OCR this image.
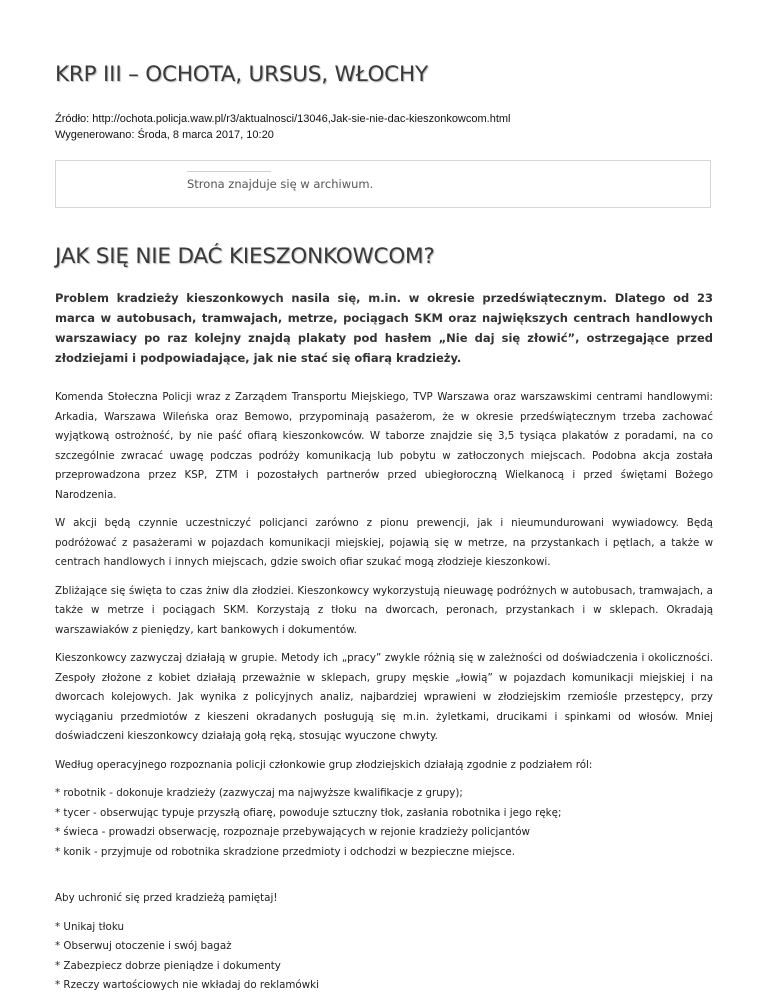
KRP III – OCHOTA, URSUS, WŁOCHY
Źródło: http://ochota.policja.waw.pl/r3/aktualnosci/13046,Jak-sie-nie-dac-kieszonkowcom.html
Wygenerowano: Środa, 8 marca 2017, 10:20
Strona znajduje się w archiwum.
JAK SIĘ NIE DAĆ KIESZONKOWCOM?

Problem kradzieży kieszonkowych nasila się, m.in. w okresie przedświątecznym. Dlatego od 23 marca w autobusach, tramwajach, metrze, pociągach SKM oraz największych centrach handlowych warszawiacy po raz kolejny znajdą plakaty pod hasłem „Nie daj się złowić”, ostrzegające przed złodziejami i podpowiadające, jak nie stać się ofiarą kradzieży.

Komenda Stołeczna Policji wraz z Zarządem Transportu Miejskiego, TVP Warszawa oraz warszawskimi centrami handlowymi: Arkadia, Warszawa Wileńska oraz Bemowo, przypominają pasażerom, że w okresie przedświątecznym trzeba zachować wyjątkową ostrożność, by nie paść ofiarą kieszonkowców. W taborze znajdzie się 3,5 tysiąca plakatów z poradami, na co szczególnie zwracać uwagę podczas podróży komunikacją lub pobytu w zatłoczonych miejscach. Podobna akcja została przeprowadzona przez KSP, ZTM i pozostałych partnerów przed ubiegłoroczną Wielkanocą i przed świętami Bożego Narodzenia.

W akcji będą czynnie uczestniczyć policjanci zarówno z pionu prewencji, jak i nieumundurowani wywiadowcy. Będą podróżować z pasażerami w pojazdach komunikacji miejskiej, pojawią się w metrze, na przystankach i pętlach, a także w centrach handlowych i innych miejscach, gdzie swoich ofiar szukać mogą złodzieje kieszonkowi.

Zbliżające się święta to czas żniw dla złodziei. Kieszonkowcy wykorzystują nieuwagę podróżnych w autobusach, tramwajach, a także w metrze i pociągach SKM. Korzystają z tłoku na dworcach, peronach, przystankach i w sklepach. Okradają warszawiaków z pieniędzy, kart bankowych i dokumentów.

Kieszonkowcy zazwyczaj działają w grupie. Metody ich „pracy” zwykle różnią się w zależności od doświadczenia i okoliczności. Zespoły złożone z kobiet działają przeważnie w sklepach, grupy męskie „łowią” w pojazdach komunikacji miejskiej i na dworcach kolejowych. Jak wynika z policyjnych analiz, najbardziej wprawieni w złodziejskim rzemiośle przestępcy, przy wyciąganiu przedmiotów z kieszeni okradanych posługują się m.in. żyletkami, drucikami i spinkami od włosów. Mniej doświadczeni kieszonkowcy działają gołą ręką, stosując wyuczone chwyty.

Według operacyjnego rozpoznania policji członkowie grup złodziejskich działają zgodnie z podziałem ról:

* robotnik - dokonuje kradzieży (zazwyczaj ma najwyższe kwalifikacje z grupy);
* tycer - obserwując typuje przyszłą ofiarę, powoduje sztuczny tłok, zasłania robotnika i jego rękę;
* świeca - prowadzi obserwację, rozpoznaje przebywających w rejonie kradzieży policjantów
* konik - przyjmuje od robotnika skradzione przedmioty i odchodzi w bezpieczne miejsce.

Aby uchronić się przed kradzieżą pamiętaj!

* Unikaj tłoku
* Obserwuj otoczenie i swój bagaż
* Zabezpiecz dobrze pieniądze i dokumenty
* Rzeczy wartościowych nie wkładaj do reklamówki
